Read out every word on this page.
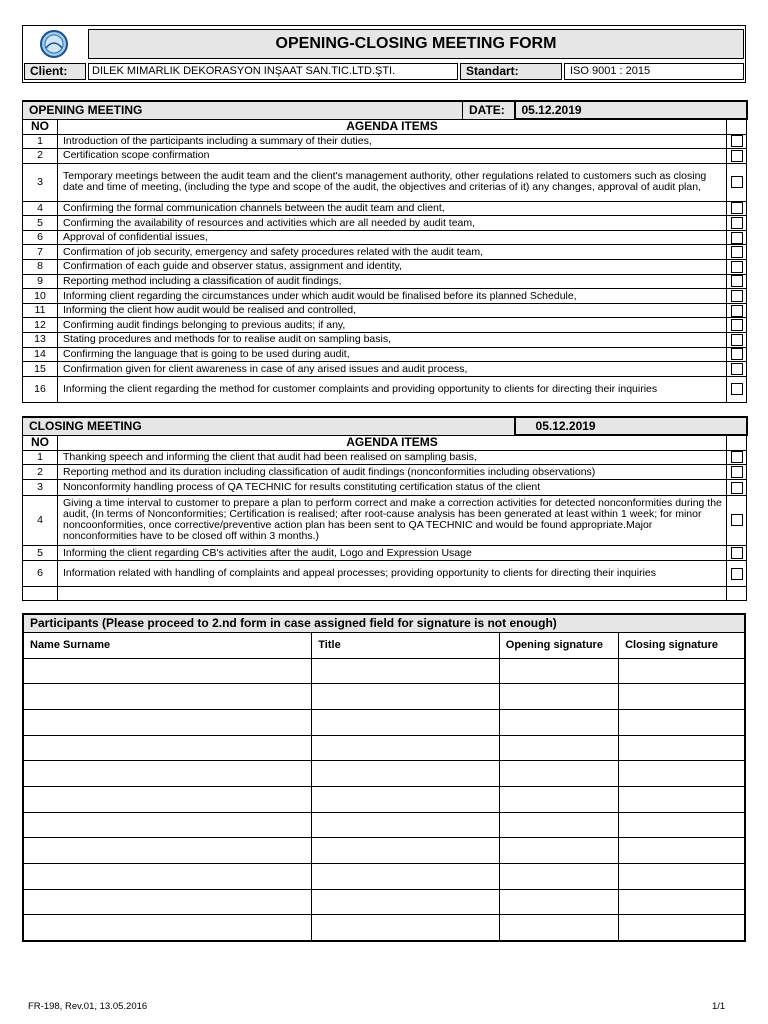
OPENING-CLOSING MEETING FORM
Client:	DILEK MIMARLIK DEKORASYON INŞAAT SAN.TIC.LTD.ŞTI.	Standart:	ISO 9001 : 2015
OPENING MEETING		DATE:	05.12.2019	
NO	AGENDA ITEMS			
1	Introduction of the participants including a summary of their duties,			
2	Certification scope confirmation			
3	Temporary meetings between the audit team and the client's management authority, other regulations related to customers such as closing date and time of meeting, (including the type and scope of the audit, the objectives and criterias of it) any changes, approval of audit plan,			
4	Confirming the formal communication channels between the audit team and client,			
5	Confirming the availability of resources and activities which are all needed by audit team,			
6	Approval of confidential issues,			
7	Confirmation of job security, emergency and safety procedures related with the audit team,			
8	Confirmation of each guide and observer status, assignment and identity,			
9	Reporting method including a classification of audit findings,			
10	Informing client regarding the circumstances under which audit would be finalised before its planned Schedule,			
11	Informing the client how audit would be realised and controlled,			
12	Confirming audit findings belonging to previous audits; if any,			
13	Stating procedures and methods for to realise audit on sampling basis,			
14	Confirming the language that is going to be used during audit,			
15	Confirmation given for client awareness in case of any arised issues and audit process,			
16	Informing the client regarding the method for customer complaints and providing opportunity to clients for directing their inquiries			
CLOSING MEETING		05.12.2019	
NO	AGENDA ITEMS		
1	Thanking speech and informing the client that audit had been realised on sampling basis,		
2	Reporting method and its duration including classification of audit findings (nonconformities including observations)		
3	Nonconformity handling process of QA TECHNIC for results constituting certification status of the client		
4	Giving a time interval to customer to prepare a plan to perform correct and make a correction activities for detected nonconformities during the audit, (In terms of Nonconformities; Certification is realised; after root-cause analysis has been generated at least within 1 week; for minor noncoonformities, once corrective/preventive action plan has been sent to QA TECHNIC and would be found appropriate.Major nonconformities have to be closed off within 3 months.)		
5	Informing the client regarding CB's activities after the audit, Logo and Expression Usage		
6	Information related with handling of complaints and appeal processes; providing opportunity to clients for directing their inquiries		

Participants (Please proceed to 2.nd form in case assigned field for signature is not enough)			
Name Surname	Title	Opening signature	Closing signature

FR-198, Rev.01, 13.05.2016	1/1
